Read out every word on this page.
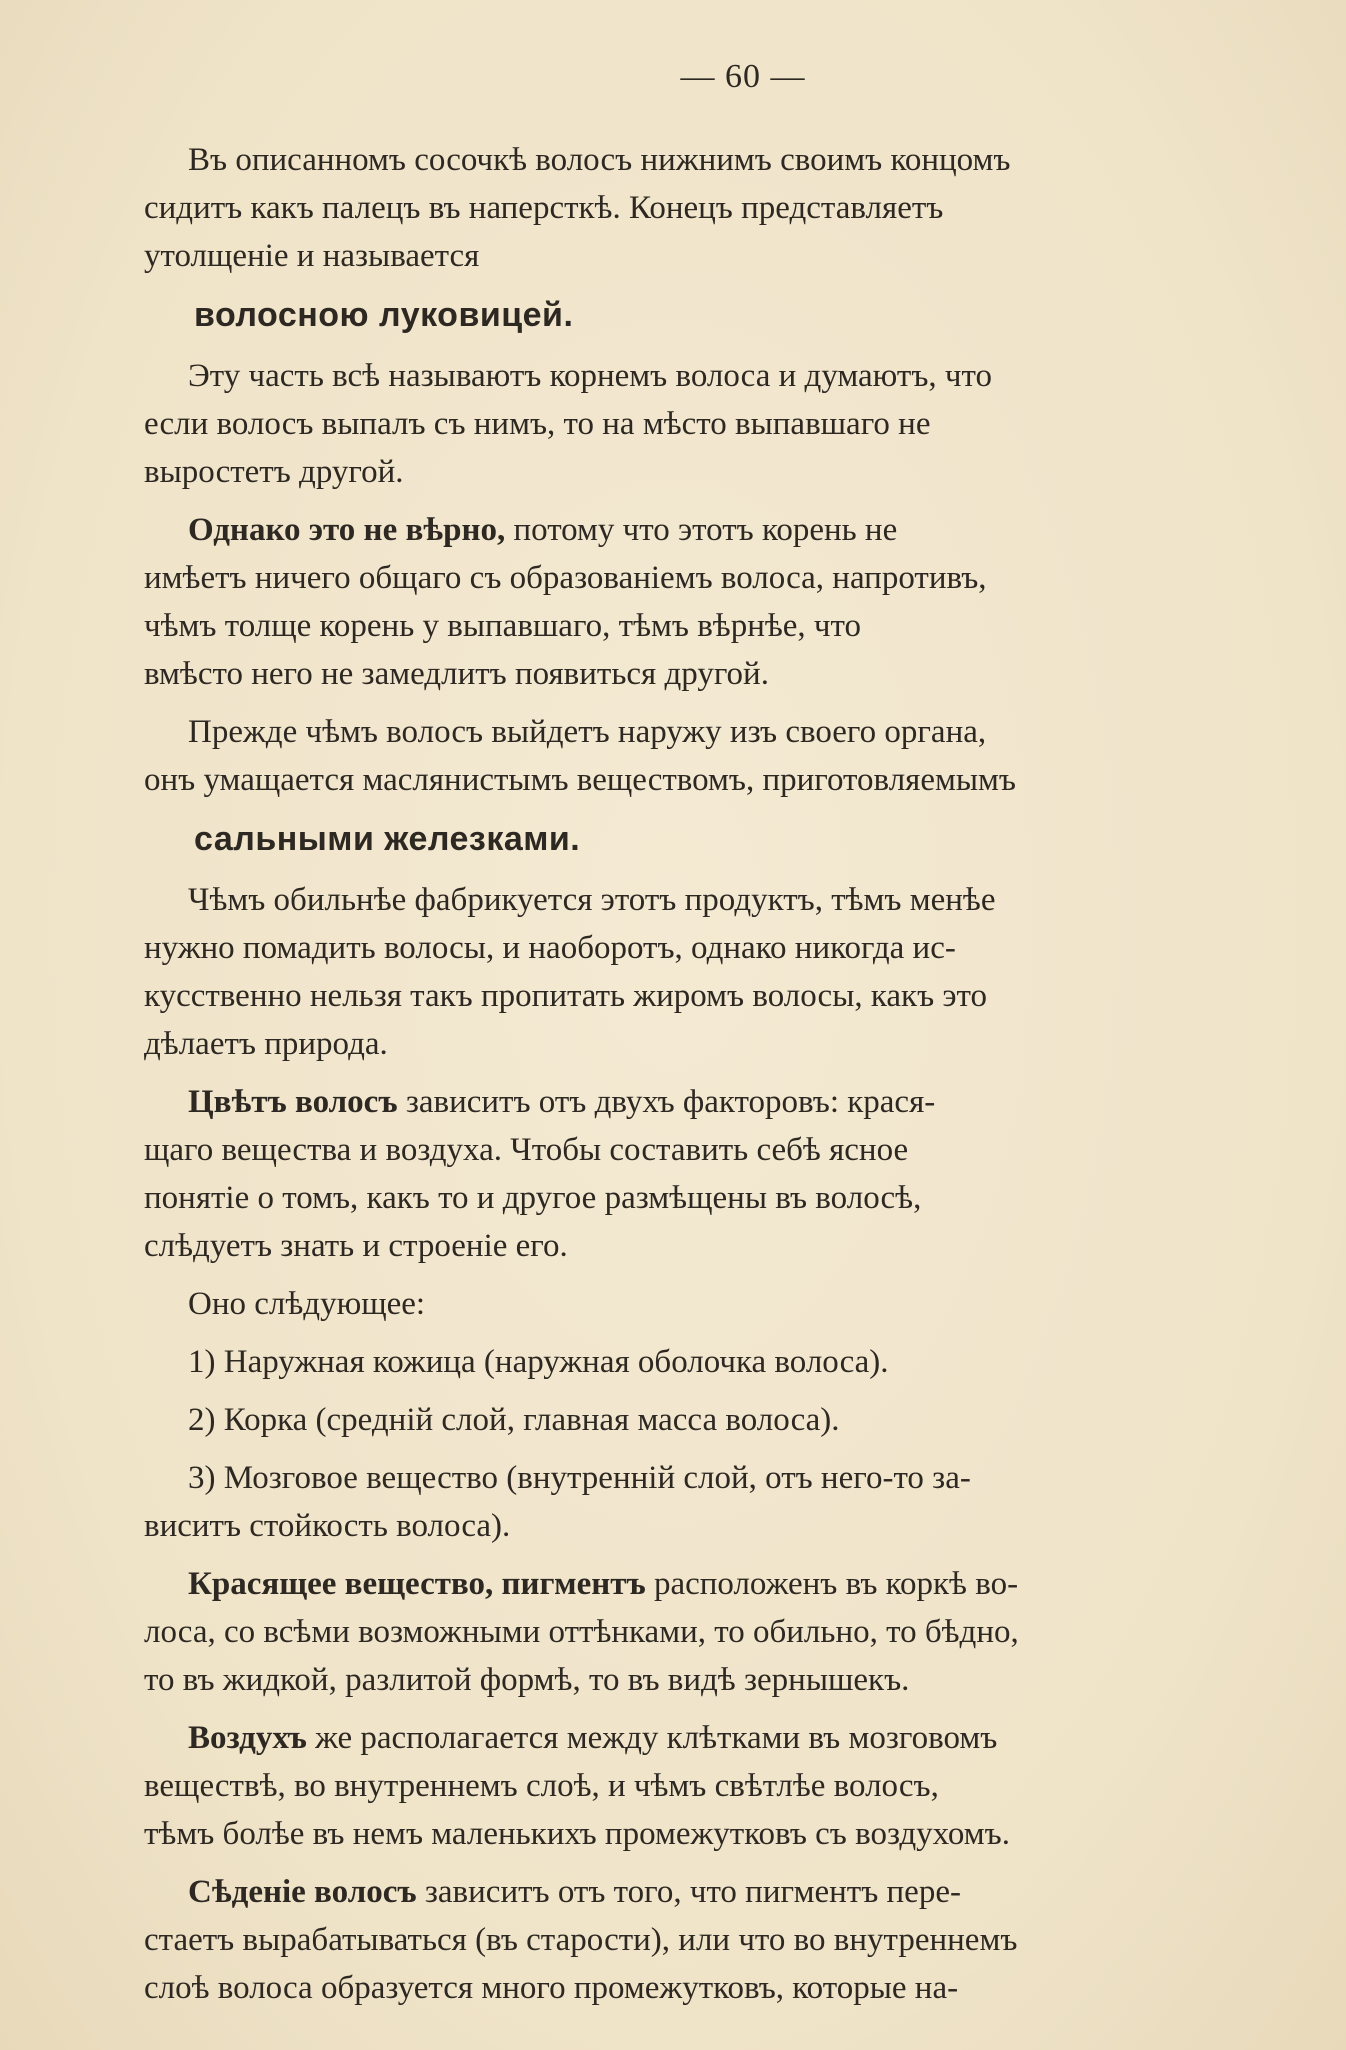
— 60 —
Въ описанномъ сосочкѣ волосъ нижнимъ своимъ концомъ
сидитъ какъ палецъ въ наперсткѣ. Конецъ представляетъ
утолщеніе и называется
волосною луковицей.
Эту часть всѣ называютъ корнемъ волоса и думаютъ, что
если волосъ выпалъ съ нимъ, то на мѣсто выпавшаго не
выростетъ другой.
Однако это не вѣрно, потому что этотъ корень не
имѣетъ ничего общаго съ образованіемъ волоса, напротивъ,
чѣмъ толще корень у выпавшаго, тѣмъ вѣрнѣе, что
вмѣсто него не замедлитъ появиться другой.
Прежде чѣмъ волосъ выйдетъ наружу изъ своего органа,
онъ умащается маслянистымъ веществомъ, приготовляемымъ
сальными железками.
Чѣмъ обильнѣе фабрикуется этотъ продуктъ, тѣмъ менѣе
нужно помадить волосы, и наоборотъ, однако никогда ис-
кусственно нельзя такъ пропитать жиромъ волосы, какъ это
дѣлаетъ природа.
Цвѣтъ волосъ зависитъ отъ двухъ факторовъ: крася-
щаго вещества и воздуха. Чтобы составить себѣ ясное
понятіе о томъ, какъ то и другое размѣщены въ волосѣ,
слѣдуетъ знать и строеніе его.
Оно слѣдующее:
1) Наружная кожица (наружная оболочка волоса).
2) Корка (среднiй слой, главная масса волоса).
3) Мозговое вещество (внутреннiй слой, отъ него-то за-
виситъ стойкость волоса).
Красящее вещество, пигментъ расположенъ въ коркѣ во-
лоса, со всѣми возможными оттѣнками, то обильно, то бѣдно,
то въ жидкой, разлитой формѣ, то въ видѣ зернышекъ.
Воздухъ же располагается между клѣтками въ мозговомъ
веществѣ, во внутреннемъ слоѣ, и чѣмъ свѣтлѣе волосъ,
тѣмъ болѣе въ немъ маленькихъ промежутковъ съ воздухомъ.
Сѣденіе волосъ зависитъ отъ того, что пигментъ пере-
стаетъ вырабатываться (въ старости), или что во внутреннемъ
слоѣ волоса образуется много промежутковъ, которые на-
